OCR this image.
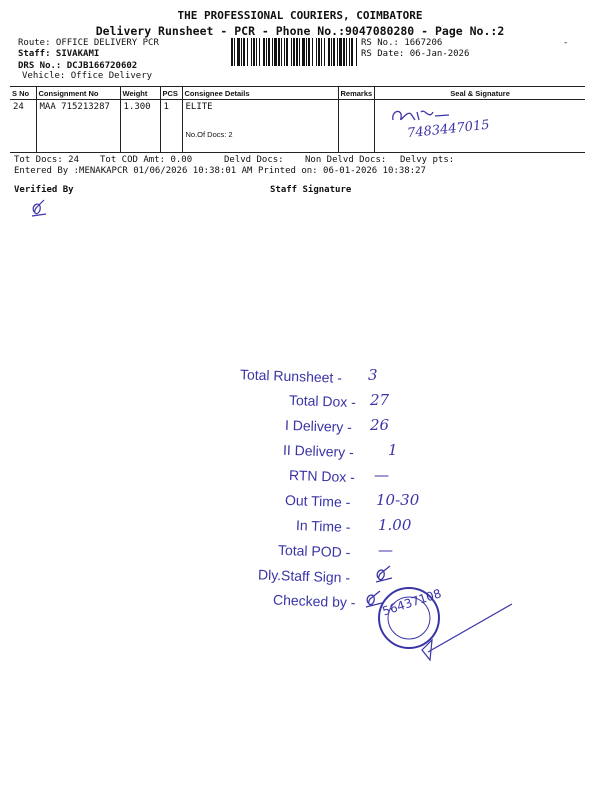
THE PROFESSIONAL COURIERS, COIMBATORE
Delivery Runsheet - PCR - Phone No.:9047080280 - Page No.:2
Route: OFFICE DELIVERY PCR
Staff: SIVAKAMI
DRS No.: DCJB166720602
Vehicle: Office Delivery
RS No.: 1667206
RS Date: 06-Jan-2026
-
S No	Consignment No	Weight	PCS	Consignee Details	Remarks	Seal & Signature
24	MAA 715213287	1.300	1	ELITE
No.Of Docs: 2		7483447015
Tot Docs: 24 Tot COD Amt: 0.00	Delvd Docs: Non Delvd Docs: Delvy pts:
Entered By :MENAKAPCR 01/06/2026 10:38:01 AM Printed on: 06-01-2026 10:38:27
Verified By	Staff Signature
Total Runsheet - 3
Total Dox - 27
I Delivery - 26
II Delivery - 1
RTN Dox - —
Out Time - 10-30
In Time - 1.00
Total POD - —
Dly.Staff Sign -
Checked by - 56437108
